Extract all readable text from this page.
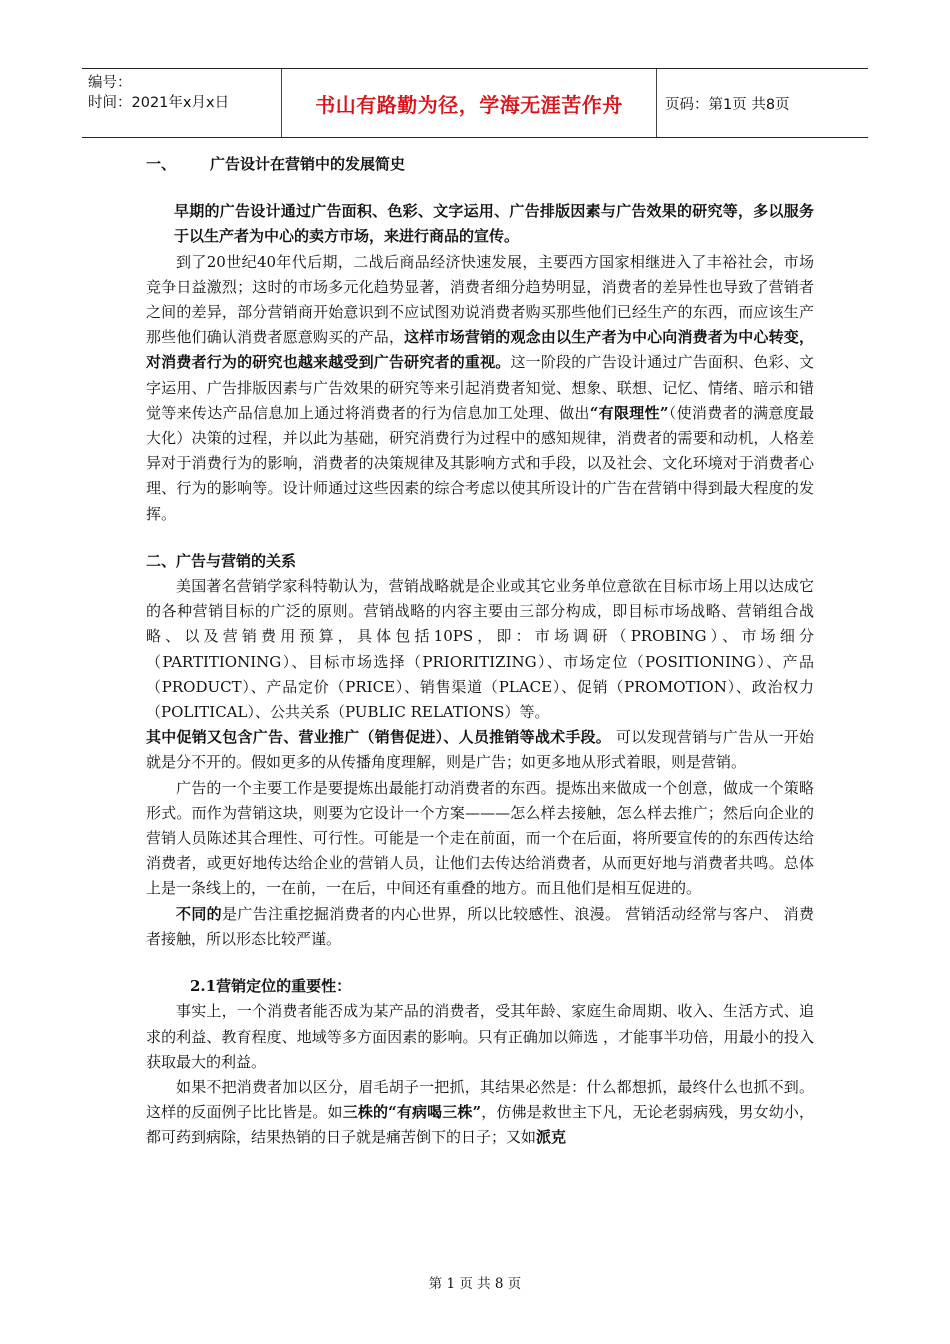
编号：
时间：2021年x月x日	书山有路勤为径，学海无涯苦作舟	页码：第1页 共8页

一、 广告设计在营销中的发展简史

早期的广告设计通过广告面积、色彩、文字运用、广告排版因素与广告效果的研究等，多以服务于以生产者为中心的卖方市场，来进行商品的宣传。

到了20世纪40年代后期，二战后商品经济快速发展，主要西方国家相继进入了丰裕社会，市场竞争日益激烈；这时的市场多元化趋势显著，消费者细分趋势明显，消费者的差异性也导致了营销者之间的差异，部分营销商开始意识到不应试图劝说消费者购买那些他们已经生产的东西，而应该生产那些他们确认消费者愿意购买的产品，这样市场营销的观念由以生产者为中心向消费者为中心转变，对消费者行为的研究也越来越受到广告研究者的重视。这一阶段的广告设计通过广告面积、色彩、文字运用、广告排版因素与广告效果的研究等来引起消费者知觉、想象、联想、记忆、情绪、暗示和错觉等来传达产品信息加上通过将消费者的行为信息加工处理、做出“有限理性”（使消费者的满意度最大化）决策的过程，并以此为基础，研究消费行为过程中的感知规律，消费者的需要和动机，人格差异对于消费行为的影响，消费者的决策规律及其影响方式和手段，以及社会、文化环境对于消费者心理、行为的影响等。设计师通过这些因素的综合考虑以使其所设计的广告在营销中得到最大程度的发挥。

二、广告与营销的关系

美国著名营销学家科特勒认为，营销战略就是企业或其它业务单位意欲在目标市场上用以达成它的各种营销目标的广泛的原则。营销战略的内容主要由三部分构成，即目标市场战略、营销组合战略、以及营销费用预算，具体包括10PS，即：市场调研（PROBING）、市场细分（PARTITIONING）、目标市场选择（PRIORITIZING）、市场定位（POSITIONING）、产品（PRODUCT）、产品定价（PRICE）、销售渠道（PLACE）、促销（PROMOTION）、政治权力（POLITICAL）、公共关系（PUBLIC RELATIONS）等。

其中促销又包含广告、营业推广（销售促进）、人员推销等战术手段。 可以发现营销与广告从一开始就是分不开的。假如更多的从传播角度理解，则是广告；如更多地从形式着眼，则是营销。

广告的一个主要工作是要提炼出最能打动消费者的东西。提炼出来做成一个创意，做成一个策略形式。而作为营销这块，则要为它设计一个方案———怎么样去接触，怎么样去推广；然后向企业的 营销人员陈述其合理性、可行性。可能是一个走在前面，而一个在后面，将所要宣传的的东西传达给消费者，或更好地传达给企业的营销人员，让他们去传达给消费者，从而更好地与消费者共鸣。总体上是一条线上的，一在前，一在后，中间还有重叠的地方。而且他们是相互促进的。

不同的是广告注重挖掘消费者的内心世界，所以比较感性、浪漫。 营销活动经常与客户、 消费者接触，所以形态比较严谨。

2.1营销定位的重要性：

事实上，一个消费者能否成为某产品的消费者，受其年龄、家庭生命周期、收入、生活方式、追求的利益、教育程度、地域等多方面因素的影响。只有正确加以筛选 ，才能事半功倍，用最小的投入获取最大的利益。

如果不把消费者加以区分，眉毛胡子一把抓，其结果必然是：什么都想抓，最终什么也抓不到。这样的反面例子比比皆是。如三株的“有病喝三株”，仿佛是救世主下凡，无论老弱病残，男女幼小，都可药到病除，结果热销的日子就是痛苦倒下的日子；又如派克

第 1 页 共 8 页
